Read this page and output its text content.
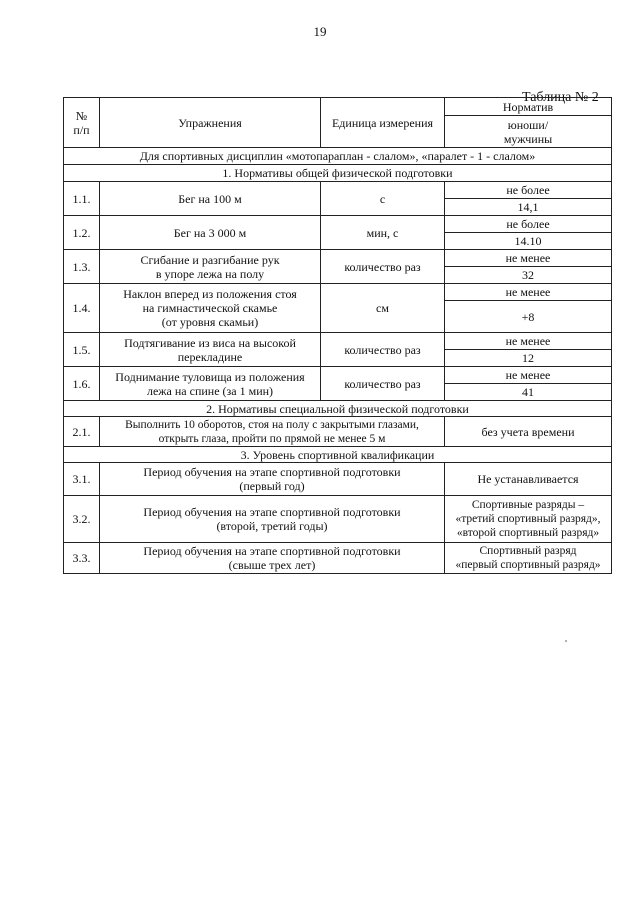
19
Таблица № 2
№
п/п	Упражнения	Единица измерения	Норматив
			юноши/
мужчины

Для спортивных дисциплин «мотопараплан - слалом», «паралет - 1 - слалом»			
1. Нормативы общей физической подготовки			
1.1.	Бег на 100 м	с	не более
			14,1
1.2.	Бег на 3 000 м	мин, с	не более
			14.10
1.3.	Сгибание и разгибание рук
в упоре лежа на полу	количество раз	не менее
			32
1.4.	Наклон вперед из положения стоя
на гимнастической скамье
(от уровня скамьи)	см	не менее
			+8
1.5.	Подтягивание из виса на высокой
перекладине	количество раз	не менее
			12
1.6.	Поднимание туловища из положения
лежа на спине (за 1 мин)	количество раз	не менее
			41
2. Нормативы специальной физической подготовки			
2.1.	Выполнить 10 оборотов, стоя на полу с закрытыми глазами,
открыть глаза, пройти по прямой не менее 5 м		без учета времени
3. Уровень спортивной квалификации			
3.1.	Период обучения на этапе спортивной подготовки
(первый год)		Не устанавливается
3.2.	Период обучения на этапе спортивной подготовки
(второй, третий годы)		Спортивные разряды –
«третий спортивный разряд»,
«второй спортивный разряд»
3.3.	Период обучения на этапе спортивной подготовки
(свыше трех лет)		Спортивный разряд
«первый спортивный разряд»
